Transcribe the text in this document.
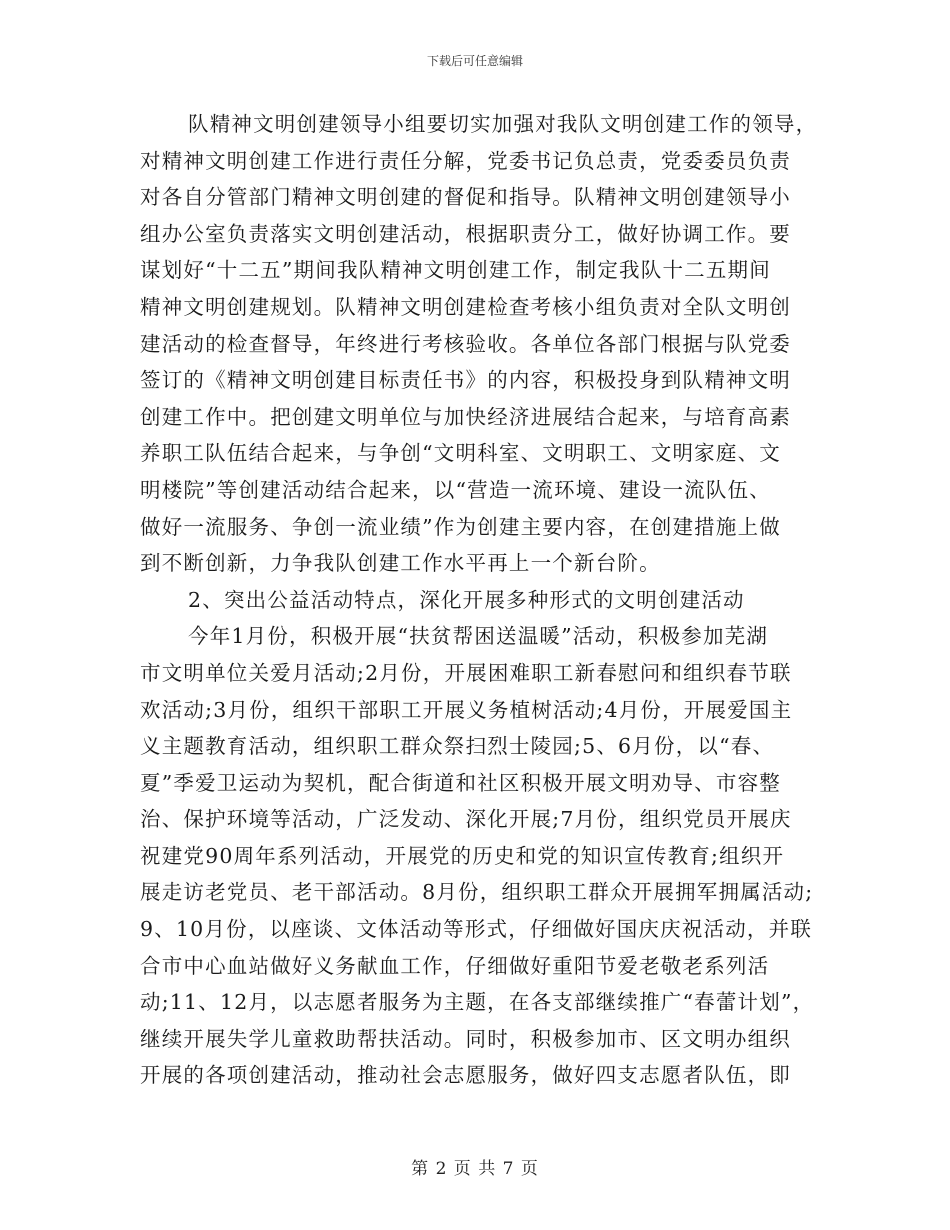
下载后可任意编辑
队精神文明创建领导小组要切实加强对我队文明创建工作的领导，
对精神文明创建工作进行责任分解，党委书记负总责，党委委员负责
对各自分管部门精神文明创建的督促和指导。队精神文明创建领导小
组办公室负责落实文明创建活动，根据职责分工，做好协调工作。要
谋划好“十二五”期间我队精神文明创建工作，制定我队十二五期间
精神文明创建规划。队精神文明创建检查考核小组负责对全队文明创
建活动的检查督导，年终进行考核验收。各单位各部门根据与队党委
签订的《精神文明创建目标责任书》的内容，积极投身到队精神文明
创建工作中。把创建文明单位与加快经济进展结合起来，与培育高素
养职工队伍结合起来，与争创“文明科室、文明职工、文明家庭、文
明楼院”等创建活动结合起来，以“营造一流环境、建设一流队伍、
做好一流服务、争创一流业绩”作为创建主要内容，在创建措施上做
到不断创新，力争我队创建工作水平再上一个新台阶。
2、突出公益活动特点，深化开展多种形式的文明创建活动
今年1月份，积极开展“扶贫帮困送温暖”活动，积极参加芜湖
市文明单位关爱月活动;2月份，开展困难职工新春慰问和组织春节联
欢活动;3月份，组织干部职工开展义务植树活动;4月份，开展爱国主
义主题教育活动，组织职工群众祭扫烈士陵园;5、6月份，以“春、
夏”季爱卫运动为契机，配合街道和社区积极开展文明劝导、市容整
治、保护环境等活动，广泛发动、深化开展;7月份，组织党员开展庆
祝建党90周年系列活动，开展党的历史和党的知识宣传教育;组织开
展走访老党员、老干部活动。8月份，组织职工群众开展拥军拥属活动;
9、10月份，以座谈、文体活动等形式，仔细做好国庆庆祝活动，并联
合市中心血站做好义务献血工作，仔细做好重阳节爱老敬老系列活
动;11、12月，以志愿者服务为主题，在各支部继续推广“春蕾计划”，
继续开展失学儿童救助帮扶活动。同时，积极参加市、区文明办组织
开展的各项创建活动，推动社会志愿服务，做好四支志愿者队伍，即
第 2 页 共 7 页
